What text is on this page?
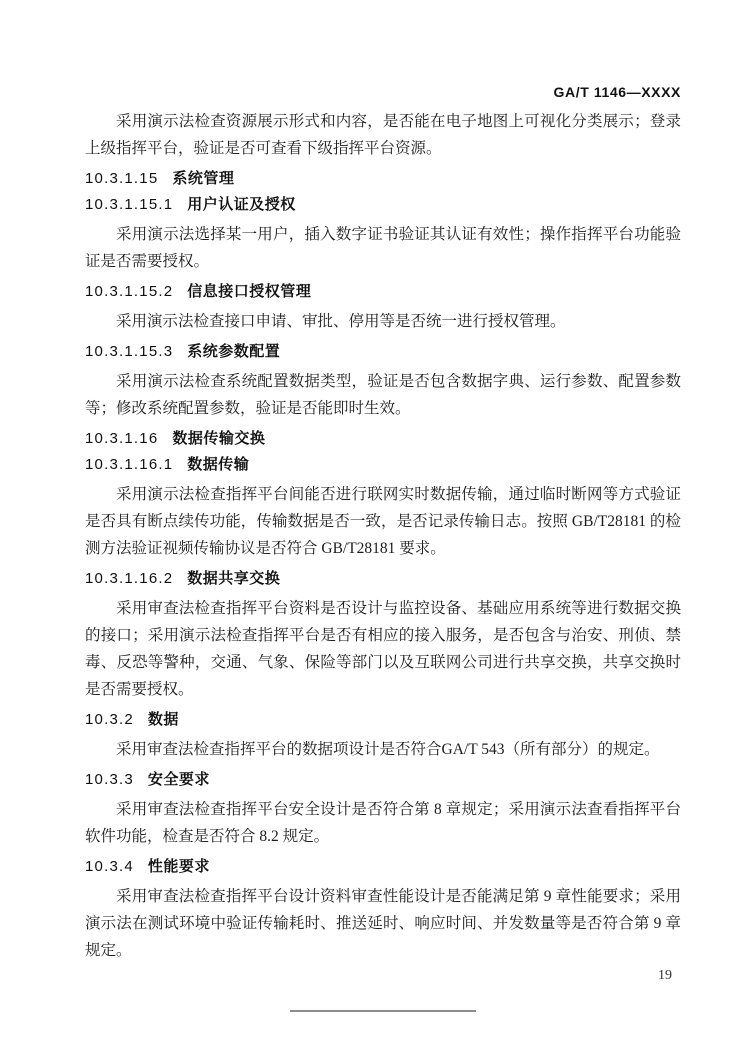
GA/T 1146—XXXX

采用演示法检查资源展示形式和内容，是否能在电子地图上可视化分类展示；登录上级指挥平台，验证是否可查看下级指挥平台资源。

10.3.1.15 系统管理
10.3.1.15.1 用户认证及授权

采用演示法选择某一用户，插入数字证书验证其认证有效性；操作指挥平台功能验证是否需要授权。

10.3.1.15.2 信息接口授权管理

采用演示法检查接口申请、审批、停用等是否统一进行授权管理。

10.3.1.15.3 系统参数配置

采用演示法检查系统配置数据类型，验证是否包含数据字典、运行参数、配置参数等；修改系统配置参数，验证是否能即时生效。

10.3.1.16 数据传输交换
10.3.1.16.1 数据传输

采用演示法检查指挥平台间能否进行联网实时数据传输，通过临时断网等方式验证是否具有断点续传功能，传输数据是否一致，是否记录传输日志。按照 GB/T28181 的检测方法验证视频传输协议是否符合 GB/T28181 要求。

10.3.1.16.2 数据共享交换

采用审查法检查指挥平台资料是否设计与监控设备、基础应用系统等进行数据交换的接口；采用演示法检查指挥平台是否有相应的接入服务，是否包含与治安、刑侦、禁毒、反恐等警种，交通、气象、保险等部门以及互联网公司进行共享交换，共享交换时是否需要授权。

10.3.2 数据

采用审查法检查指挥平台的数据项设计是否符合GA/T 543（所有部分）的规定。

10.3.3 安全要求

采用审查法检查指挥平台安全设计是否符合第 8 章规定；采用演示法查看指挥平台软件功能，检查是否符合 8.2 规定。

10.3.4 性能要求

采用审查法检查指挥平台设计资料审查性能设计是否能满足第 9 章性能要求；采用演示法在测试环境中验证传输耗时、推送延时、响应时间、并发数量等是否符合第 9 章规定。

19
